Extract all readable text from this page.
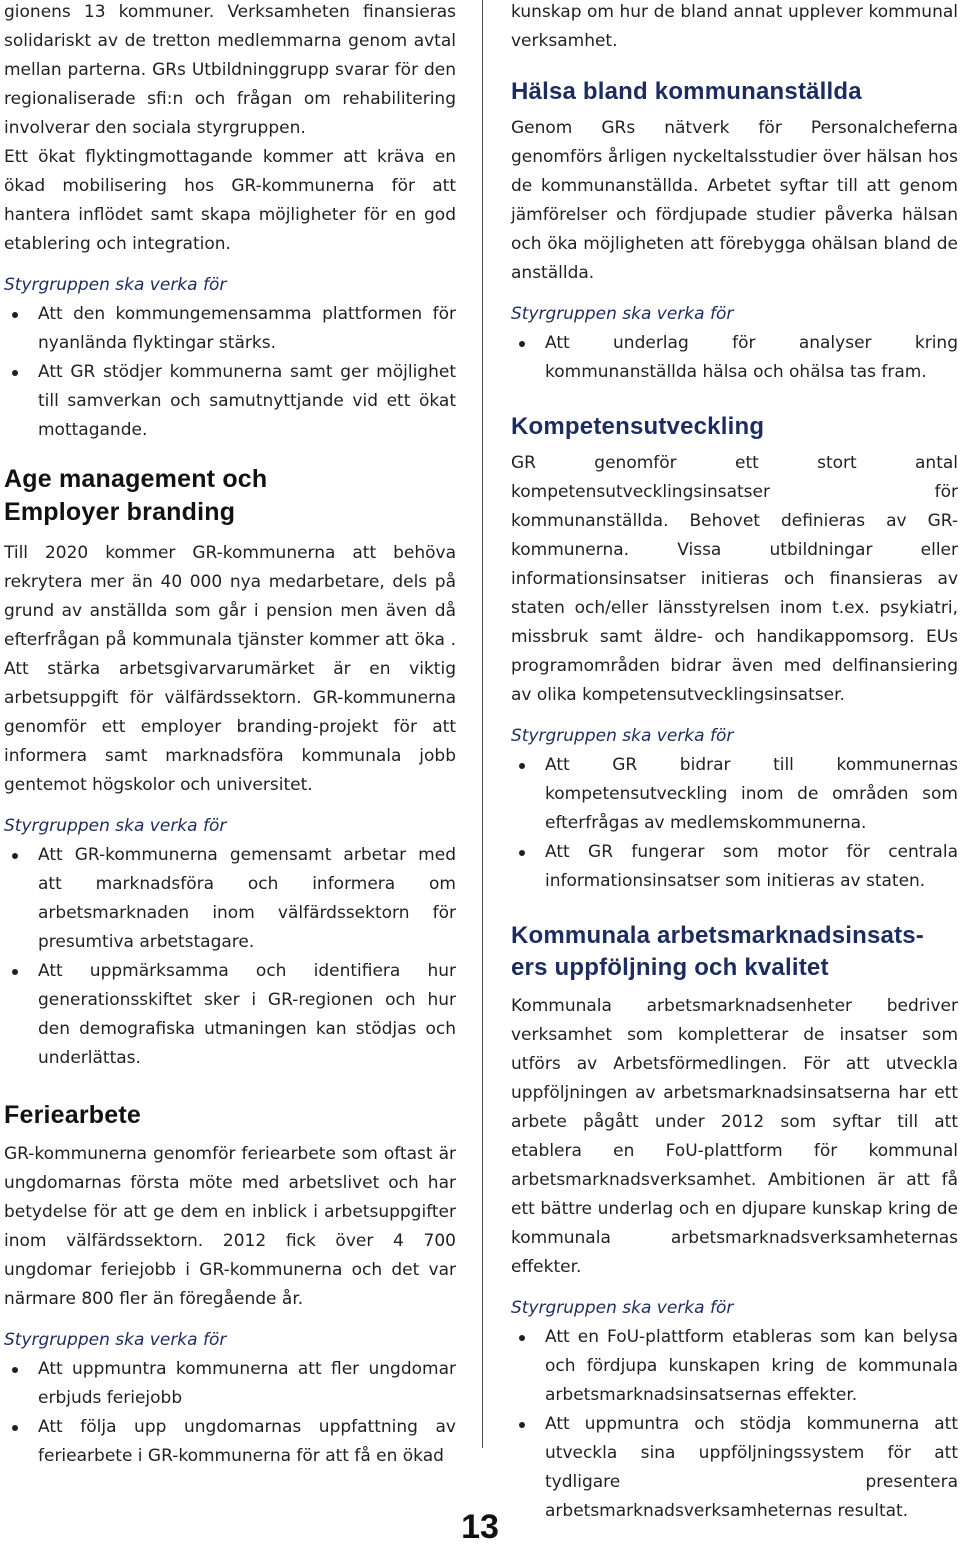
gionens 13 kommuner. Verksamheten finansieras solidariskt av de tretton medlemmarna genom avtal mellan parterna. GRs Utbildninggrupp svarar för den regionaliserade sfi:n och frågan om rehabilitering involverar den sociala styrgruppen.

Ett ökat flyktingmottagande kommer att kräva en ökad mobilisering hos GR-kommunerna för att hantera inflödet samt skapa möjligheter för en god etablering och integration.

Styrgruppen ska verka för
Att den kommungemensamma plattformen för nyanlända flyktingar stärks.
Att GR stödjer kommunerna samt ger möjlighet till samverkan och samutnyttjande vid ett ökat mottagande.
Age management och
Employer branding

Till 2020 kommer GR-kommunerna att behöva rekrytera mer än 40 000 nya medarbetare, dels på grund av anställda som går i pension men även då efterfrågan på kommunala tjänster kommer att öka . Att stärka arbetsgivarvarumärket är en viktig arbetsuppgift för välfärdssektorn. GR-kommunerna genomför ett employer branding-projekt för att informera samt marknadsföra kommunala jobb gentemot högskolor och universitet.

Styrgruppen ska verka för
Att GR-kommunerna gemensamt arbetar med att marknadsföra och informera om arbetsmarknaden inom välfärdssektorn för presumtiva arbetstagare.
Att uppmärksamma och identifiera hur generationsskiftet sker i GR-regionen och hur den demografiska utmaningen kan stödjas och underlättas.
Feriearbete

GR-kommunerna genomför feriearbete som oftast är ungdomarnas första möte med arbetslivet och har betydelse för att ge dem en inblick i arbetsuppgifter inom välfärdssektorn. 2012 fick över 4 700 ungdomar feriejobb i GR-kommunerna och det var närmare 800 fler än föregående år.

Styrgruppen ska verka för
Att uppmuntra kommunerna att fler ungdomar erbjuds feriejobb
Att följa upp ungdomarnas uppfattning av feriearbete i GR-kommunerna för att få en ökad

kunskap om hur de bland annat upplever kommunal verksamhet.

Hälsa bland kommunanställda

Genom GRs nätverk för Personalcheferna genomförs årligen nyckeltalsstudier över hälsan hos de kommunanställda. Arbetet syftar till att genom jämförelser och fördjupade studier påverka hälsan och öka möjligheten att förebygga ohälsan bland de anställda.

Styrgruppen ska verka för
Att underlag för analyser kring kommunanställda hälsa och ohälsa tas fram.
Kompetensutveckling

GR genomför ett stort antal kompetensutvecklingsinsatser för kommunanställda. Behovet definieras av GR-kommunerna. Vissa utbildningar eller informationsinsatser initieras och finansieras av staten och/eller länsstyrelsen inom t.ex. psykiatri, missbruk samt äldre- och handikappomsorg. EUs programområden bidrar även med delfinansiering av olika kompetensutvecklingsinsatser.

Styrgruppen ska verka för
Att GR bidrar till kommunernas kompetensutveckling inom de områden som efterfrågas av medlemskommunerna.
Att GR fungerar som motor för centrala informationsinsatser som initieras av staten.
Kommunala arbetsmarknadsinsats-
ers uppföljning och kvalitet

Kommunala arbetsmarknadsenheter bedriver verksamhet som kompletterar de insatser som utförs av Arbetsförmedlingen. För att utveckla uppföljningen av arbetsmarknadsinsatserna har ett arbete pågått under 2012 som syftar till att etablera en FoU-plattform för kommunal arbetsmarknadsverksamhet. Ambitionen är att få ett bättre underlag och en djupare kunskap kring de kommunala arbetsmarknadsverksamheternas effekter.

Styrgruppen ska verka för
Att en FoU-plattform etableras som kan belysa och fördjupa kunskapen kring de kommunala arbetsmarknadsinsatsernas effekter.
Att uppmuntra och stödja kommunerna att utveckla sina uppföljningssystem för att tydligare presentera arbetsmarknadsverksamheternas resultat.
13
